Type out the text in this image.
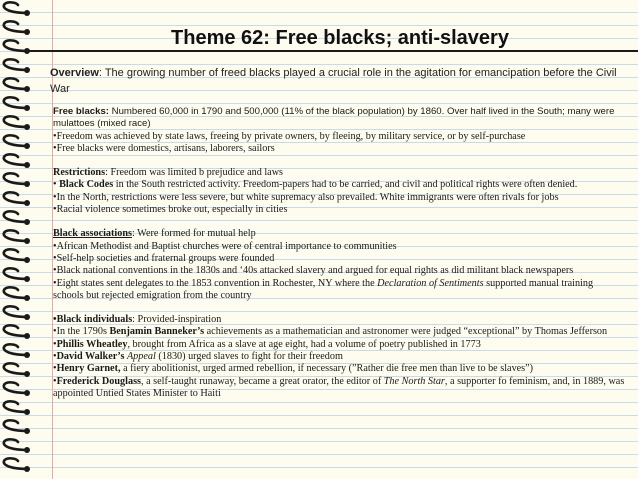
Theme 62: Free blacks; anti-slavery

Overview: The growing number of freed blacks played a crucial role in the agitation for emancipation before the Civil War

Free blacks: Numbered 60,000 in 1790 and 500,000 (11% of the black population) by 1860. Over half lived in the South; many were mulattoes (mixed race)

•Freedom was achieved by state laws, freeing by private owners, by fleeing, by military service, or by self-purchase

•Free blacks were domestics, artisans, laborers, sailors

Restrictions: Freedom was limited b prejudice and laws

• Black Codes in the South restricted activity. Freedom-papers had to be carried, and civil and political rights were often denied.

•In the North, restrictions were less severe, but white supremacy also prevailed. White immigrants were often rivals for jobs

•Racial violence sometimes broke out, especially in cities

Black associations: Were formed for mutual help

•African Methodist and Baptist churches were of central importance to communities

•Self-help societies and fraternal groups were founded

•Black national conventions in the 1830s and ‘40s attacked slavery and argued for equal rights as did militant black newspapers

•Eight states sent delegates to the 1853 convention in Rochester, NY where the Declaration of Sentiments supported manual training schools but rejected emigration from the country

•Black individuals: Provided-inspiration

•In the 1790s Benjamin Banneker’s achievements as a mathematician and astronomer were judged “exceptional” by Thomas Jefferson

•Phillis Wheatley, brought from Africa as a slave at age eight, had a volume of poetry published in 1773

•David Walker’s Appeal (1830) urged slaves to fight for their freedom

•Henry Garnet, a fiery abolitionist, urged armed rebellion, if necessary (”Rather die free men than live to be slaves”)

•Frederick Douglass, a self-taught runaway, became a great orator, the editor of The North Star, a supporter fo feminism, and, in 1889, was appointed Untied States Minister to Haiti
